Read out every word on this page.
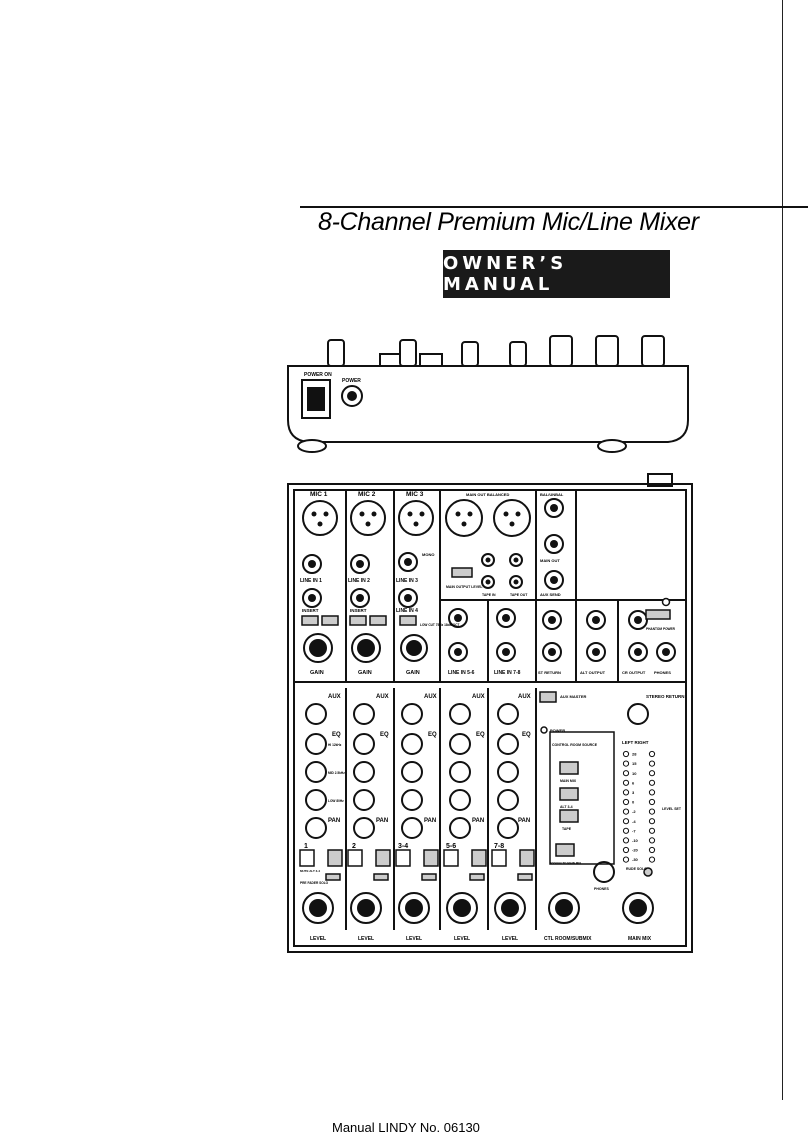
8-Channel Premium Mic/Line Mixer
OWNER’S MANUAL
POWER ON
POWER
28
15
10
6
3
0
-2
-4
-7
-10
-20
-30
MIC 1	MIC 2	MIC 3	MAIN OUT BALANCED	BAL/UNBAL
LINE IN 1	LINE IN 2	LINE IN 3
LINE IN 4
MONO
INSERT	INSERT
MAIN OUTPUT LEVEL
TAPE IN	TAPE OUT
MAIN OUT
AUX SEND
LOW CUT 75Hz 18dB/OCT
GAIN	GAIN	GAIN	LINE IN 5-6	LINE IN 7-8	ST RETURN	ALT OUTPUT	CR OUTPUT PHONES
PHANTOM POWER
AUX	AUX	AUX	AUX	AUX	AUX MASTER	STEREO RETURN
EQ	EQ	EQ	EQ	EQ
HI 12kHz
MID 2.5kHz
LOW 80Hz
PAN	PAN	PAN	PAN	PAN
POWER
CONTROL ROOM SOURCE
MAIN MIX
ALT 3-4
TAPE
ASSIGN TO MAIN MIX
PHONES
LEFT RIGHT
LEVEL SET
RUDE SOLO
1	2	3-4	5-6	7-8
MUTE ALT 3-4
PRE FADER SOLO
LEVEL	LEVEL	LEVEL	LEVEL	LEVEL	CTL ROOM/SUBMIX	MAIN MIX
Manual LINDY No. 06130
